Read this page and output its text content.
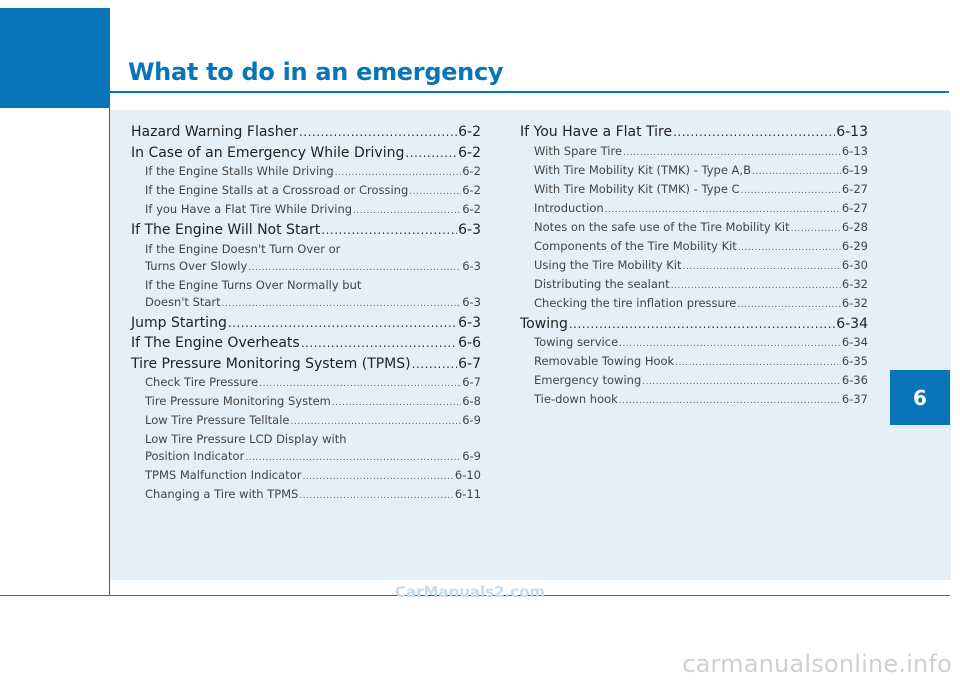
What to do in an emergency
Hazard Warning Flasher .....	6-2
In Case of an Emergency While Driving .....	6-2
If the Engine Stalls While Driving .....	6-2
If the Engine Stalls at a Crossroad or Crossing .....	6-2
If you Have a Flat Tire While Driving .....	6-2
If The Engine Will Not Start .....	6-3
If the Engine Doesn't Turn Over or
Turns Over Slowly .....	6-3
If the Engine Turns Over Normally but
Doesn't Start .....	6-3
Jump Starting .....	6-3
If The Engine Overheats .....	6-6
Tire Pressure Monitoring System (TPMS) .....	6-7
Check Tire Pressure .....	6-7
Tire Pressure Monitoring System .....	6-8
Low Tire Pressure Telltale .....	6-9
Low Tire Pressure LCD Display with
Position Indicator .....	6-9
TPMS Malfunction Indicator .....	6-10
Changing a Tire with TPMS .....	6-11
If You Have a Flat Tire .....	6-13
With Spare Tire .....	6-13
With Tire Mobility Kit (TMK) - Type A,B .....	6-19
With Tire Mobility Kit (TMK) - Type C .....	6-27
Introduction .....	6-27
Notes on the safe use of the Tire Mobility Kit .....	6-28
Components of the Tire Mobility Kit .....	6-29
Using the Tire Mobility Kit .....	6-30
Distributing the sealant .....	6-32
Checking the tire inflation pressure .....	6-32
Towing .....	6-34
Towing service .....	6-34
Removable Towing Hook .....	6-35
Emergency towing .....	6-36
Tie-down hook .....	6-37	6

CarManuals2.com

carmanualsonline.info
